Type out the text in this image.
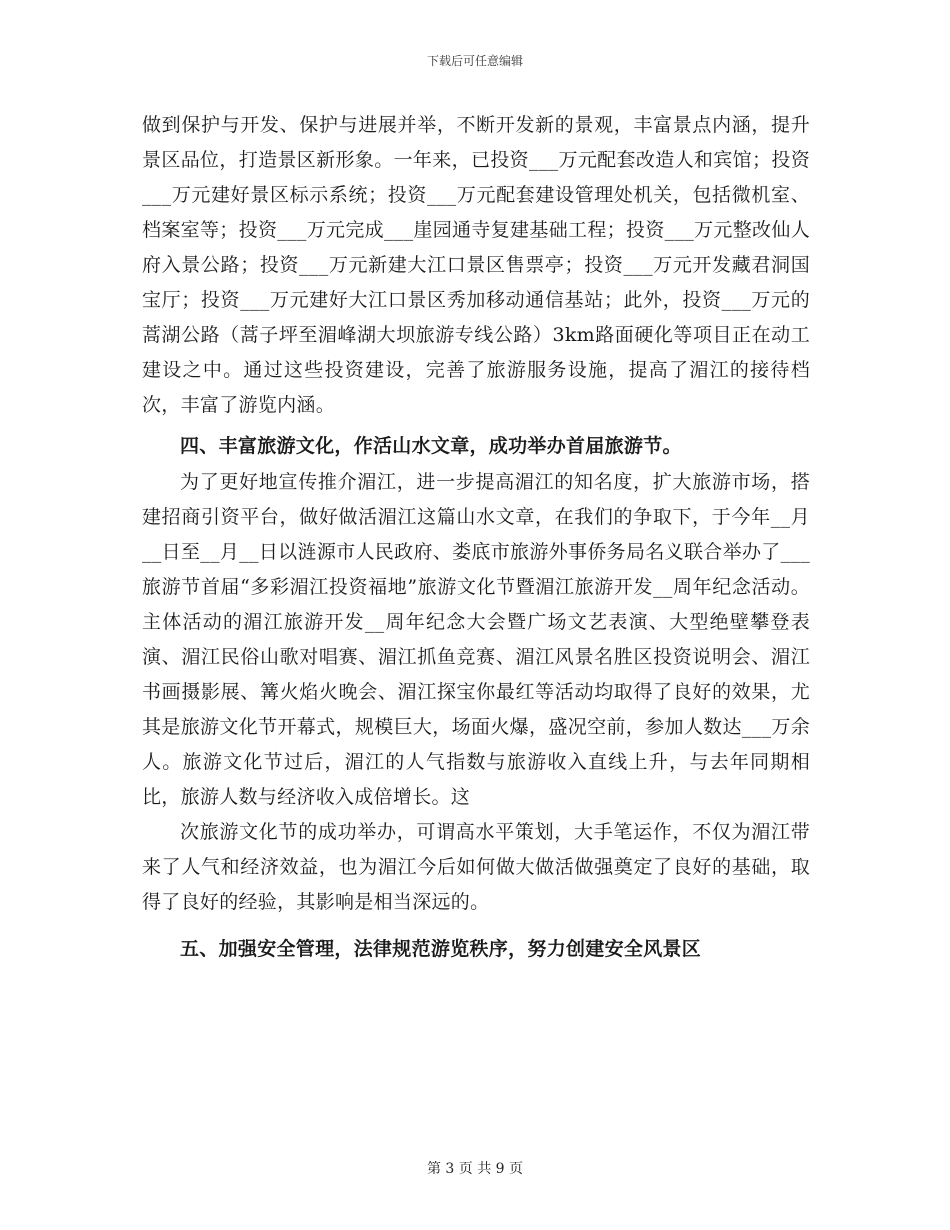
下载后可任意编辑

做到保护与开发、保护与进展并举，不断开发新的景观，丰富景点内涵，提升景区品位，打造景区新形象。一年来，已投资___万元配套改造人和宾馆；投资___万元建好景区标示系统；投资___万元配套建设管理处机关，包括微机室、档案室等；投资___万元完成___崖园通寺复建基础工程；投资___万元整改仙人府入景公路；投资___万元新建大江口景区售票亭；投资___万元开发藏君洞国宝厅；投资___万元建好大江口景区秀加移动通信基站；此外，投资___万元的蒿湖公路（蒿子坪至湄峰湖大坝旅游专线公路）3km路面硬化等项目正在动工建设之中。通过这些投资建设，完善了旅游服务设施，提高了湄江的接待档次，丰富了游览内涵。

四、丰富旅游文化，作活山水文章，成功举办首届旅游节。

为了更好地宣传推介湄江，进一步提高湄江的知名度，扩大旅游市场，搭建招商引资平台，做好做活湄江这篇山水文章，在我们的争取下，于今年__月__日至__月__日以涟源市人民政府、娄底市旅游外事侨务局名义联合举办了___旅游节首届“多彩湄江投资福地”旅游文化节暨湄江旅游开发__周年纪念活动。主体活动的湄江旅游开发__周年纪念大会暨广场文艺表演、大型绝壁攀登表演、湄江民俗山歌对唱赛、湄江抓鱼竞赛、湄江风景名胜区投资说明会、湄江书画摄影展、篝火焰火晚会、湄江探宝你最红等活动均取得了良好的效果，尤其是旅游文化节开幕式，规模巨大，场面火爆，盛况空前，参加人数达___万余人。旅游文化节过后，湄江的人气指数与旅游收入直线上升，与去年同期相比，旅游人数与经济收入成倍增长。这

次旅游文化节的成功举办，可谓高水平策划，大手笔运作，不仅为湄江带来了人气和经济效益，也为湄江今后如何做大做活做强奠定了良好的基础，取得了良好的经验，其影响是相当深远的。

五、加强安全管理，法律规范游览秩序，努力创建安全风景区
第 3 页 共 9 页
